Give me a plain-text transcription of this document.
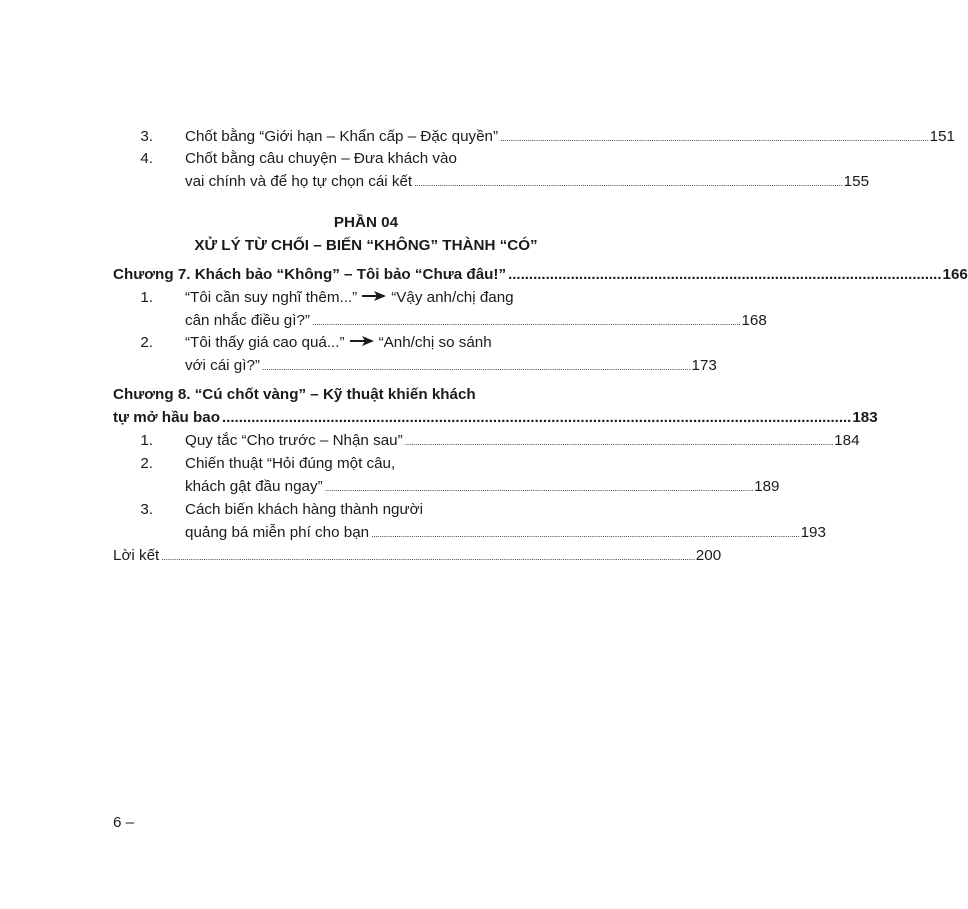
3. Chốt bằng “Giới hạn – Khẩn cấp – Đặc quyền” ............................................................................................................................................................................................................ 151
4. Chốt bằng câu chuyện – Đưa khách vào
vai chính và để họ tự chọn cái kết ............................................................................................................................................................................................................ 155
PHẦN 04
XỬ LÝ TỪ CHỐI – BIẾN “KHÔNG” THÀNH “CÓ”
Chương 7. Khách bảo “Không” – Tôi bảo “Chưa đâu!” ........................................................................................................ 166
1. “Tôi cần suy nghĩ thêm...” “Vậy anh/chị đang
cân nhắc điều gì?” ............................................................................................................................................................................................................ 168
2. “Tôi thấy giá cao quá...” “Anh/chị so sánh
với cái gì?” ............................................................................................................................................................................................................ 173
Chương 8. “Cú chốt vàng” – Kỹ thuật khiến khách
tự mở hầu bao ....................................................................................................................................................... 183
1. Quy tắc “Cho trước – Nhận sau” ............................................................................................................................................................................................................ 184
2. Chiến thuật “Hỏi đúng một câu,
khách gật đầu ngay” ............................................................................................................................................................................................................ 189
3. Cách biến khách hàng thành người
quảng bá miễn phí cho bạn ............................................................................................................................................................................................................ 193
Lời kết .............................................................................................................................................................................................................................................................. 200
6 –
